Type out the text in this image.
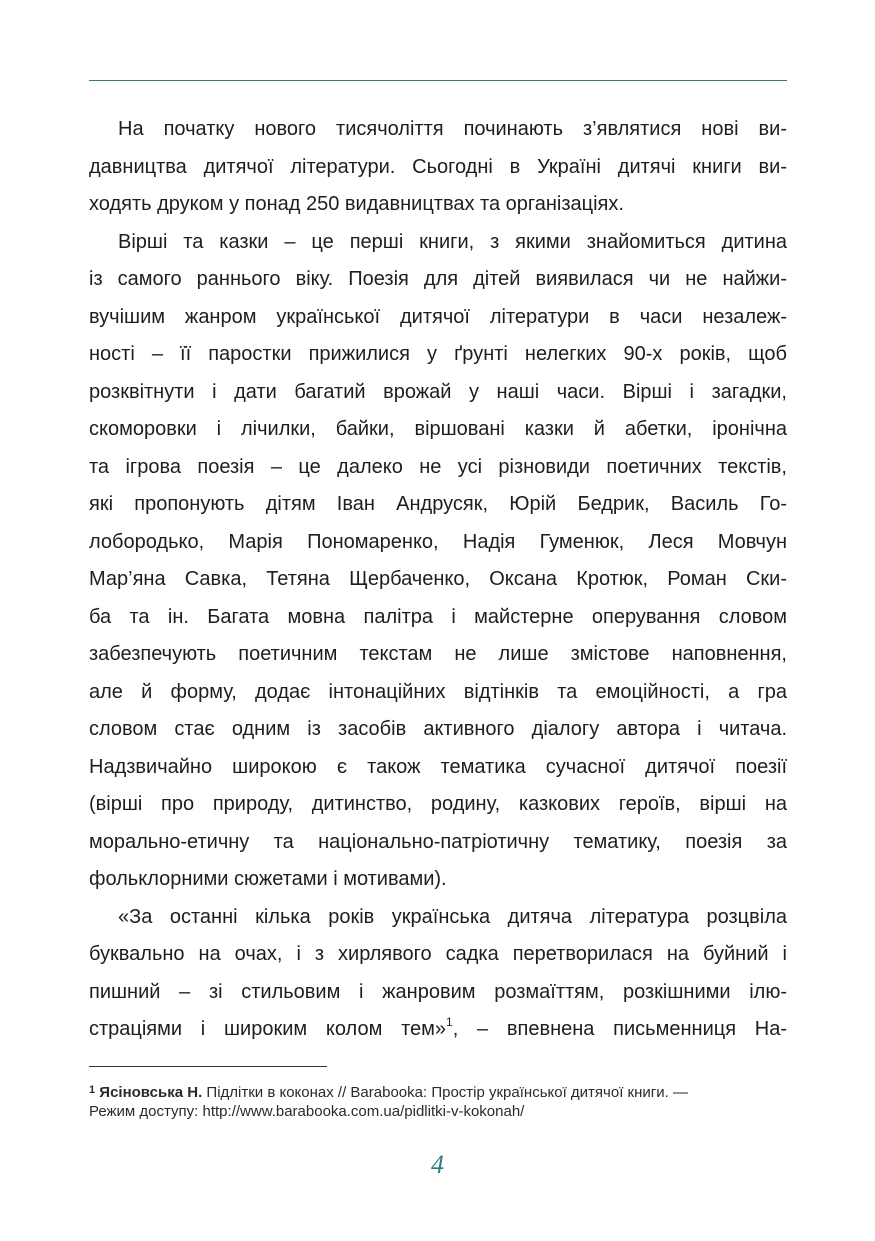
На початку нового тисячоліття починають з’являтися нові ви-
давництва дитячої літератури. Сьогодні в Україні дитячі книги ви-
ходять друком у понад 250 видавництвах та організаціях.
Вірші та казки – це перші книги, з якими знайомиться дитина
із самого раннього віку. Поезія для дітей виявилася чи не найжи-
вучішим жанром української дитячої літератури в часи незалеж-
ності – її паростки прижилися у ґрунті нелегких 90-х років, щоб
розквітнути і дати багатий врожай у наші часи. Вірші і загадки,
скоморовки і лічилки, байки, віршовані казки й абетки, іронічна
та ігрова поезія – це далеко не усі різновиди поетичних текстів,
які пропонують дітям Іван Андрусяк, Юрій Бедрик, Василь Го-
лобородько, Марія Пономаренко, Надія Гуменюк, Леся Мовчун
Мар’яна Савка, Тетяна Щербаченко, Оксана Кротюк, Роман Ски-
ба та ін. Багата мовна палітра і майстерне оперування словом
забезпечують поетичним текстам не лише змістове наповнення,
але й форму, додає інтонаційних відтінків та емоційності, а гра
словом стає одним із засобів активного діалогу автора і читача.
Надзвичайно широкою є також тематика сучасної дитячої поезії
(вірші про природу, дитинство, родину, казкових героїв, вірші на
морально-етичну та національно-патріотичну тематику, поезія за
фольклорними сюжетами і мотивами).
«За останні кілька років українська дитяча література розцвіла
буквально на очах, і з хирлявого садка перетворилася на буйний і
пишний – зі стильовим і жанровим розмаїттям, розкішними ілю-
страціями і широким колом тем»$^1$, – впевнена письменниця На-
$^1$ Ясіновська Н. Підлітки в коконах // Barabooka: Простір української дитячої книги. —
Режим доступу: http://www.barabooka.com.ua/pidlitki-v-kokonah/
4
